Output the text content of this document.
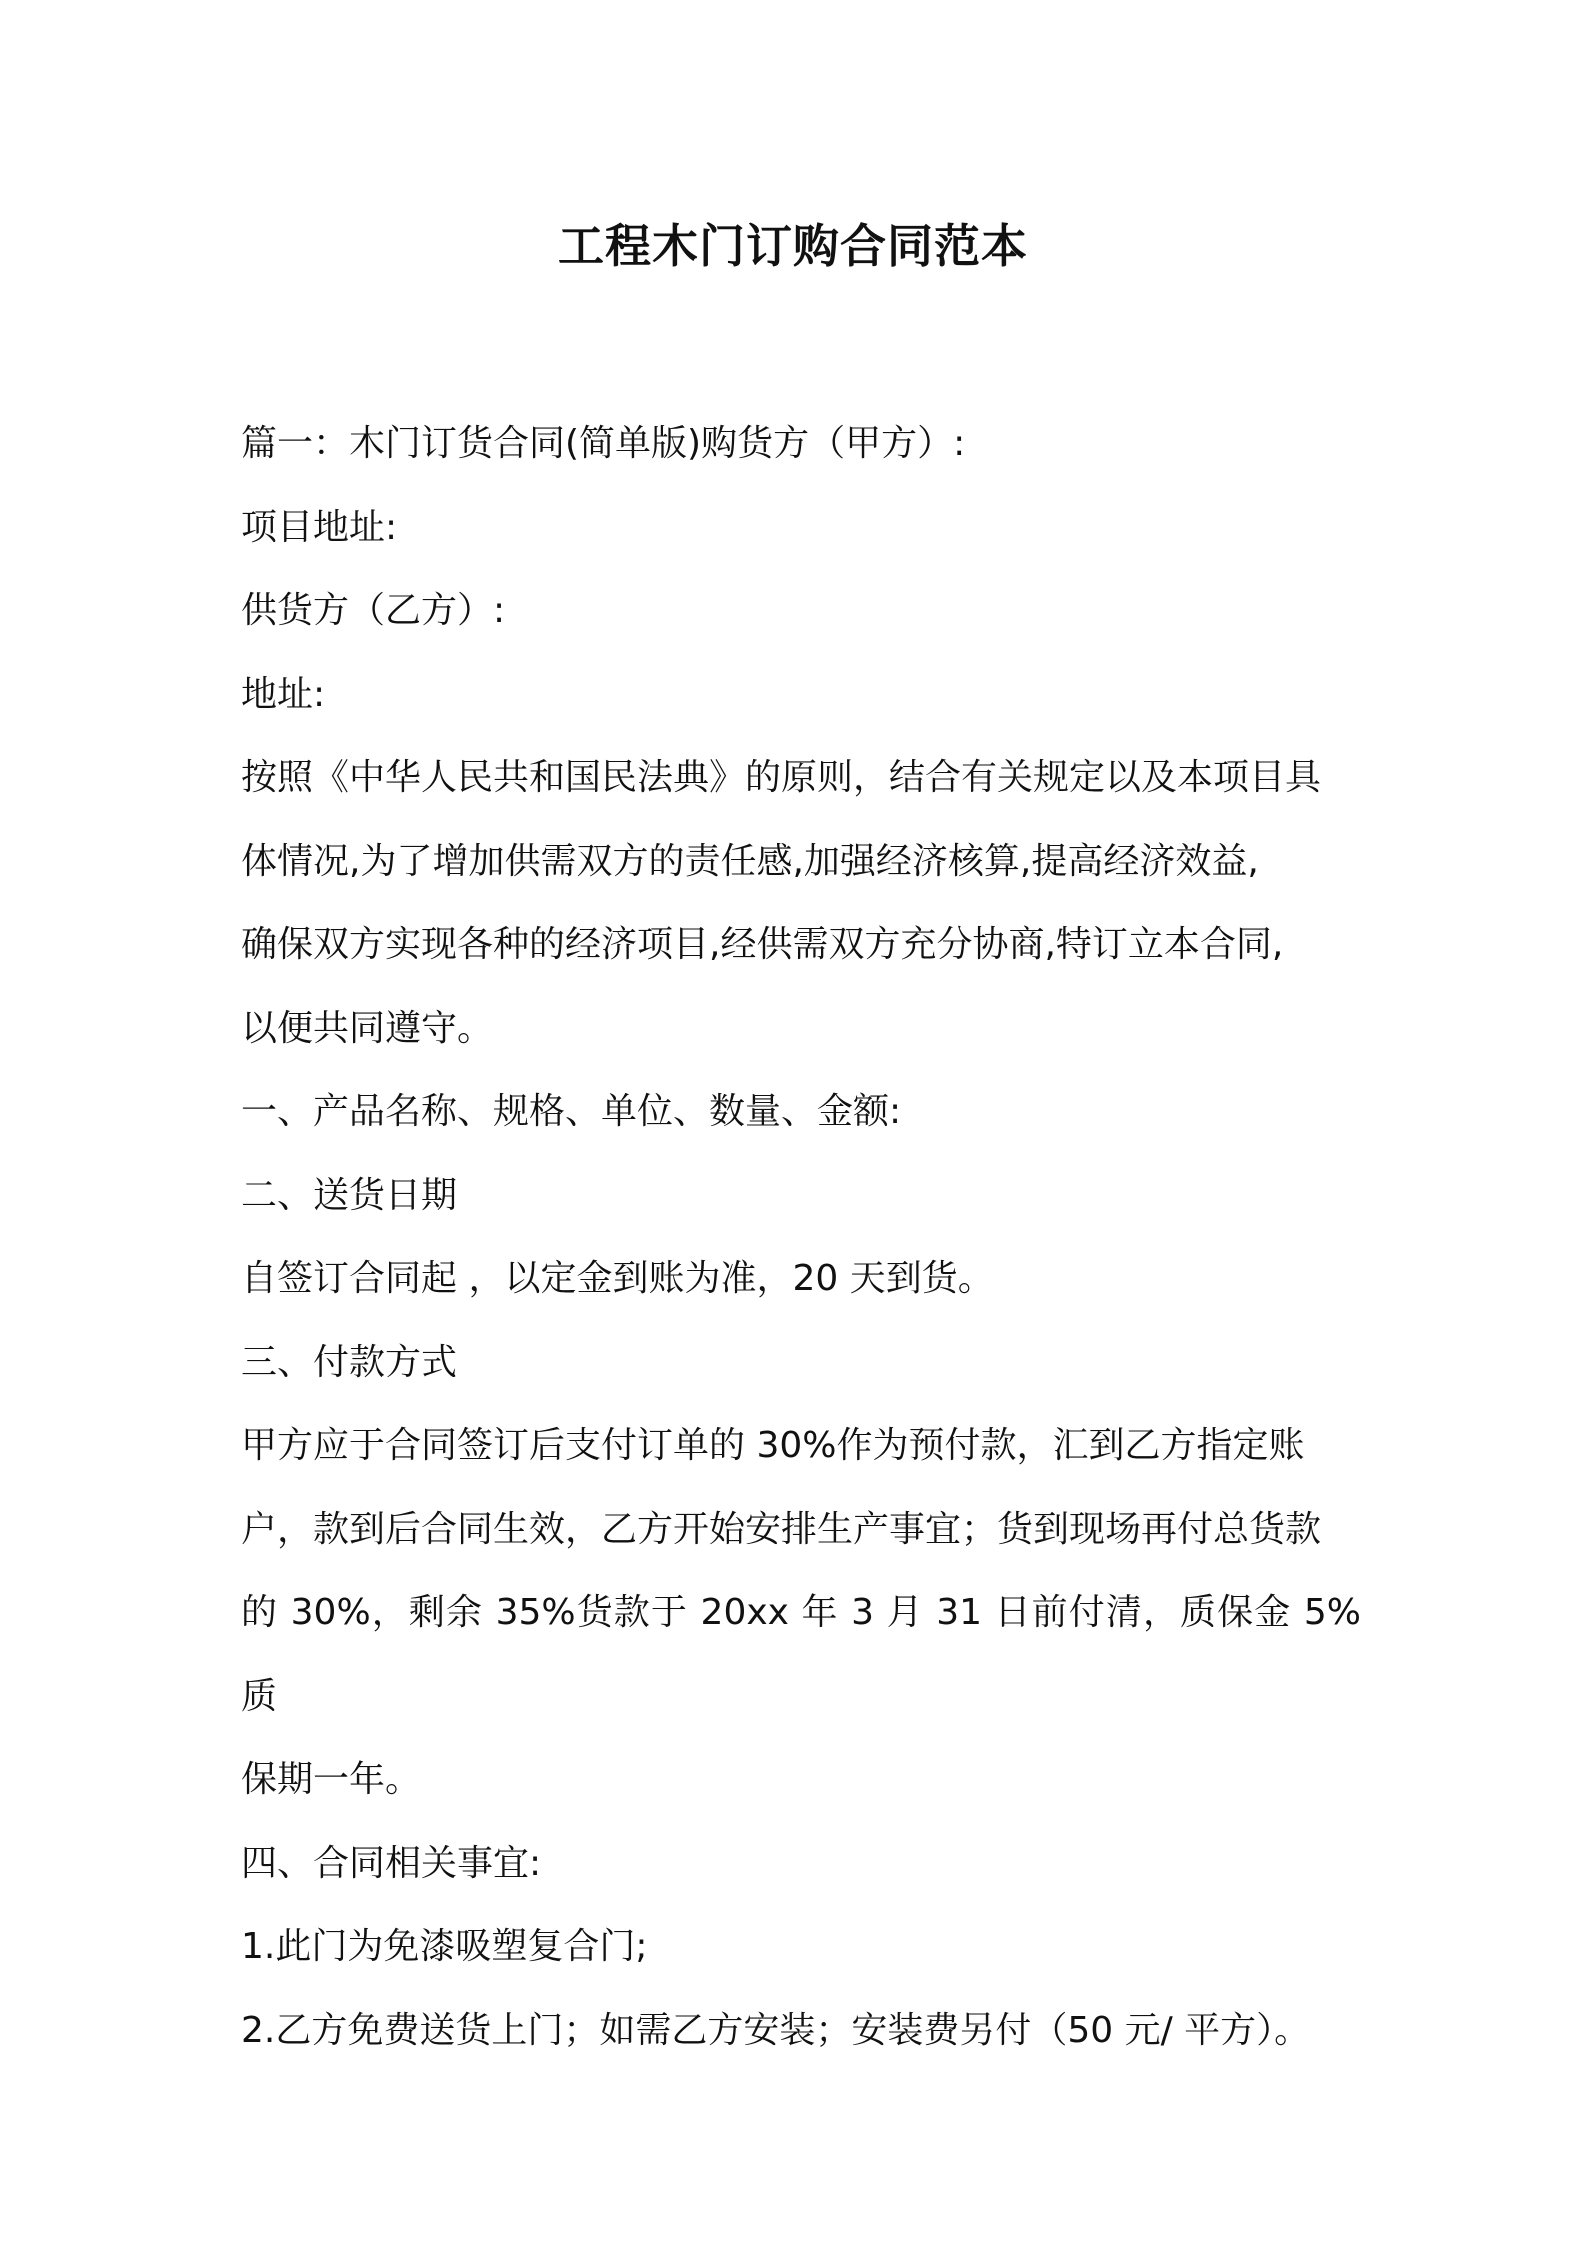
工程木门订购合同范本

篇一：木门订货合同(简单版)购货方（甲方）:

项目地址:

供货方（乙方）:

地址:

按照《中华人民共和国民法典》的原则，结合有关规定以及本项目具

体情况,为了增加供需双方的责任感,加强经济核算,提高经济效益,

确保双方实现各种的经济项目,经供需双方充分协商,特订立本合同,

以便共同遵守。

一、产品名称、规格、单位、数量、金额:

二、送货日期

自签订合同起 ，以定金到账为准，20 天到货。

三、付款方式

甲方应于合同签订后支付订单的 30%作为预付款，汇到乙方指定账

户，款到后合同生效，乙方开始安排生产事宜；货到现场再付总货款

的 30%，剩余 35%货款于 20xx 年 3 月 31 日前付清，质保金 5%质

保期一年。

四、合同相关事宜:

1.此门为免漆吸塑复合门;

2.乙方免费送货上门；如需乙方安装；安装费另付（50 元/ 平方）。
